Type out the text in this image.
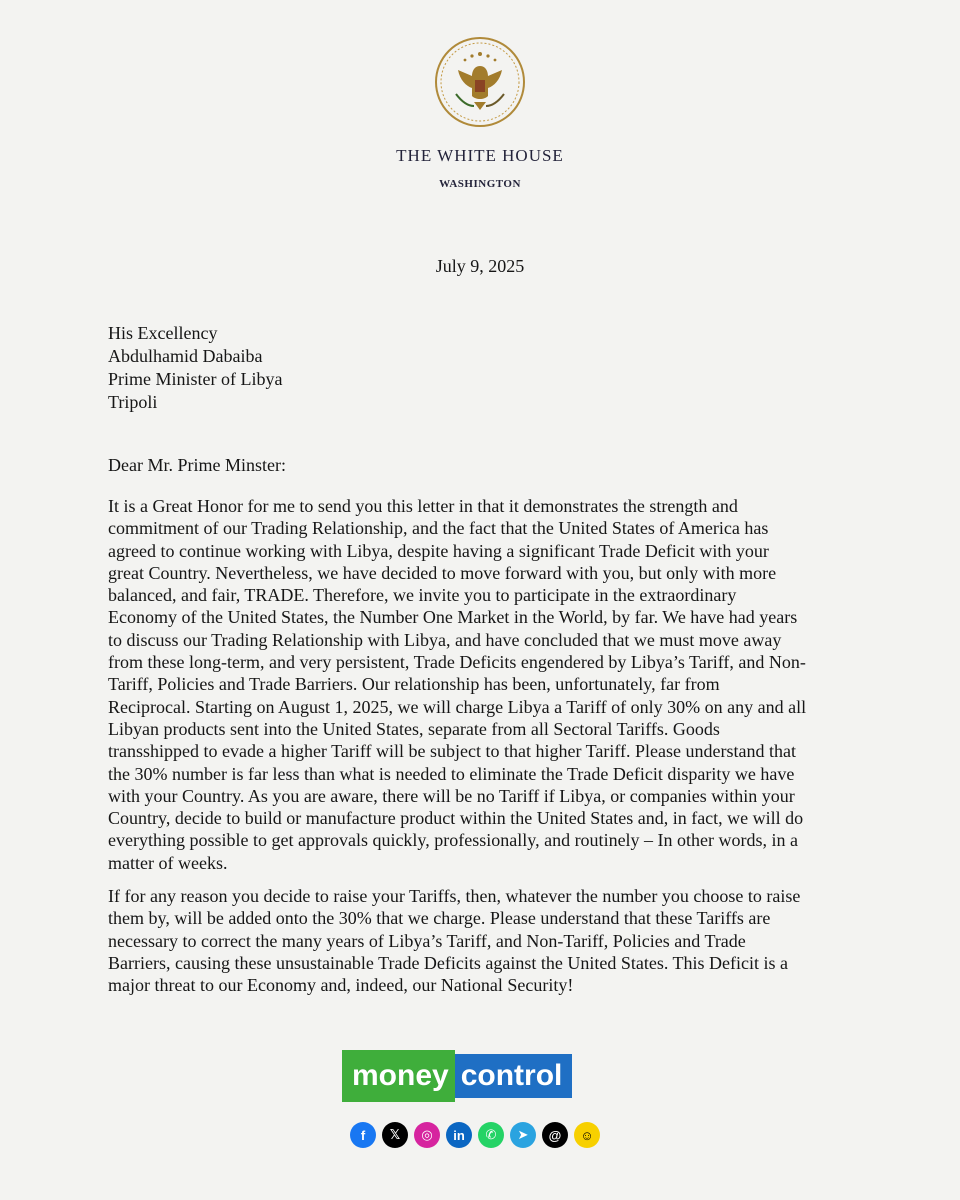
THE WHITE HOUSE
WASHINGTON
July 9, 2025
His Excellency
Abdulhamid Dabaiba
Prime Minister of Libya
Tripoli
Dear Mr. Prime Minster:

It is a Great Honor for me to send you this letter in that it demonstrates the strength and
commitment of our Trading Relationship, and the fact that the United States of America has
agreed to continue working with Libya, despite having a significant Trade Deficit with your
great Country. Nevertheless, we have decided to move forward with you, but only with more
balanced, and fair, TRADE. Therefore, we invite you to participate in the extraordinary
Economy of the United States, the Number One Market in the World, by far. We have had years
to discuss our Trading Relationship with Libya, and have concluded that we must move away
from these long-term, and very persistent, Trade Deficits engendered by Libya’s Tariff, and Non-
Tariff, Policies and Trade Barriers. Our relationship has been, unfortunately, far from
Reciprocal. Starting on August 1, 2025, we will charge Libya a Tariff of only 30% on any and all
Libyan products sent into the United States, separate from all Sectoral Tariffs. Goods
transshipped to evade a higher Tariff will be subject to that higher Tariff. Please understand that
the 30% number is far less than what is needed to eliminate the Trade Deficit disparity we have
with your Country. As you are aware, there will be no Tariff if Libya, or companies within your
Country, decide to build or manufacture product within the United States and, in fact, we will do
everything possible to get approvals quickly, professionally, and routinely – In other words, in a
matter of weeks.

If for any reason you decide to raise your Tariffs, then, whatever the number you choose to raise
them by, will be added onto the 30% that we charge. Please understand that these Tariffs are
necessary to correct the many years of Libya’s Tariff, and Non-Tariff, Policies and Trade
Barriers, causing these unsustainable Trade Deficits against the United States. This Deficit is a
major threat to our Economy and, indeed, our National Security!

money control
f	𝕏	◎	in	✆	➤	@	☺
